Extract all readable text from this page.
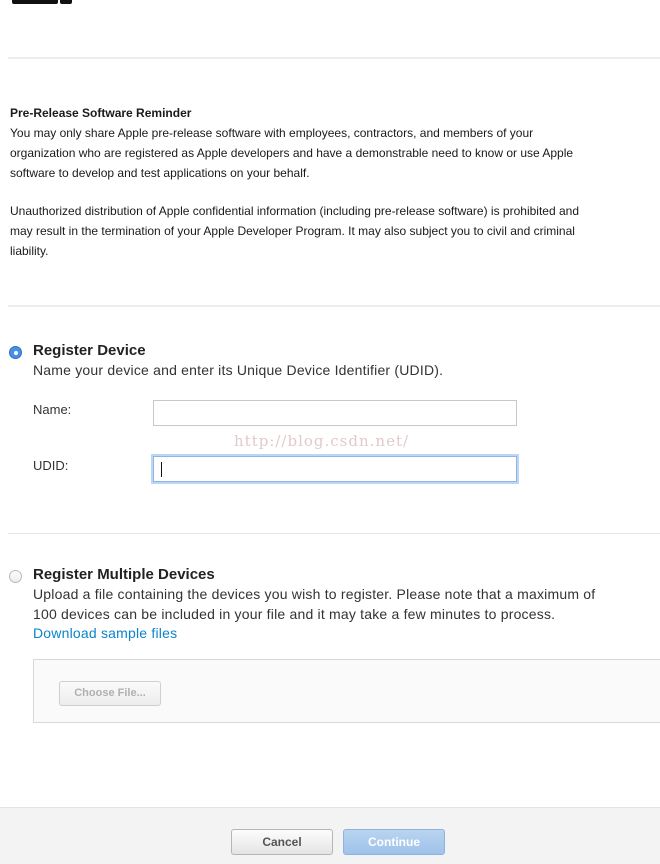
Pre-Release Software Reminder

You may only share Apple pre-release software with employees, contractors, and members of your

organization who are registered as Apple developers and have a demonstrable need to know or use Apple

software to develop and test applications on your behalf.

Unauthorized distribution of Apple confidential information (including pre-release software) is prohibited and

may result in the termination of your Apple Developer Program. It may also subject you to civil and criminal

liability.

Register Device
Name your device and enter its Unique Device Identifier (UDID).
Name:
http://blog.csdn.net/
UDID:
Register Multiple Devices
Upload a file containing the devices you wish to register. Please note that a maximum of
100 devices can be included in your file and it may take a few minutes to process.
Download sample files
Choose File...
Cancel	Continue
